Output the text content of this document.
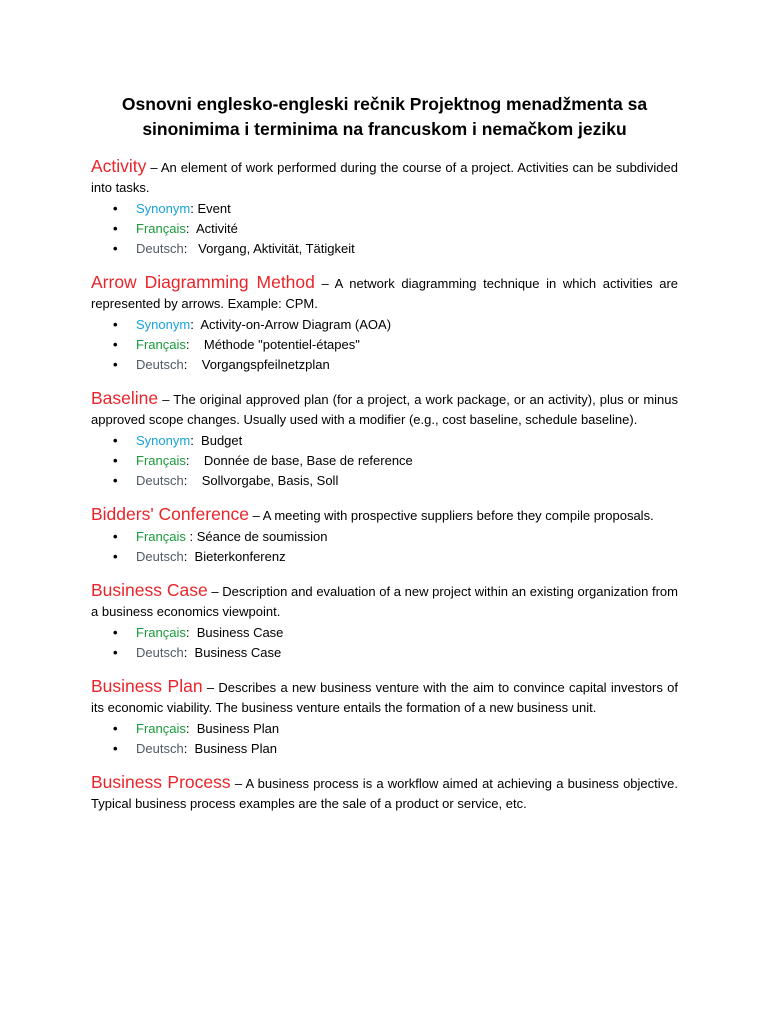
Osnovni englesko-engleski rečnik Projektnog menadžmenta sa
sinonimima i terminima na francuskom i nemačkom jeziku

Activity – An element of work performed during the course of a project. Activities can be subdivided into tasks.

• Synonym: Event
• Français:  Activité
• Deutsch:   Vorgang, Aktivität, Tätigkeit

Arrow Diagramming Method – A network diagramming technique in which activities are represented by arrows. Example: CPM.

• Synonym:  Activity-on-Arrow Diagram (AOA)
• Français:    Méthode "potentiel-étapes"
• Deutsch:    Vorgangspfeilnetzplan

Baseline – The original approved plan (for a project, a work package, or an activity), plus or minus approved scope changes. Usually used with a modifier (e.g., cost baseline, schedule baseline).

• Synonym:  Budget
• Français:    Donnée de base, Base de reference
• Deutsch:    Sollvorgabe, Basis, Soll

Bidders' Conference – A meeting with prospective suppliers before they compile proposals.

• Français : Séance de soumission
• Deutsch:  Bieterkonferenz

Business Case – Description and evaluation of a new project within an existing organization from a business economics viewpoint.

• Français:  Business Case
• Deutsch:  Business Case

Business Plan – Describes a new business venture with the aim to convince capital investors of its economic viability. The business venture entails the formation of a new business unit.

• Français:  Business Plan
• Deutsch:  Business Plan

Business Process – A business process is a workflow aimed at achieving a business objective. Typical business process examples are the sale of a product or service, etc.
